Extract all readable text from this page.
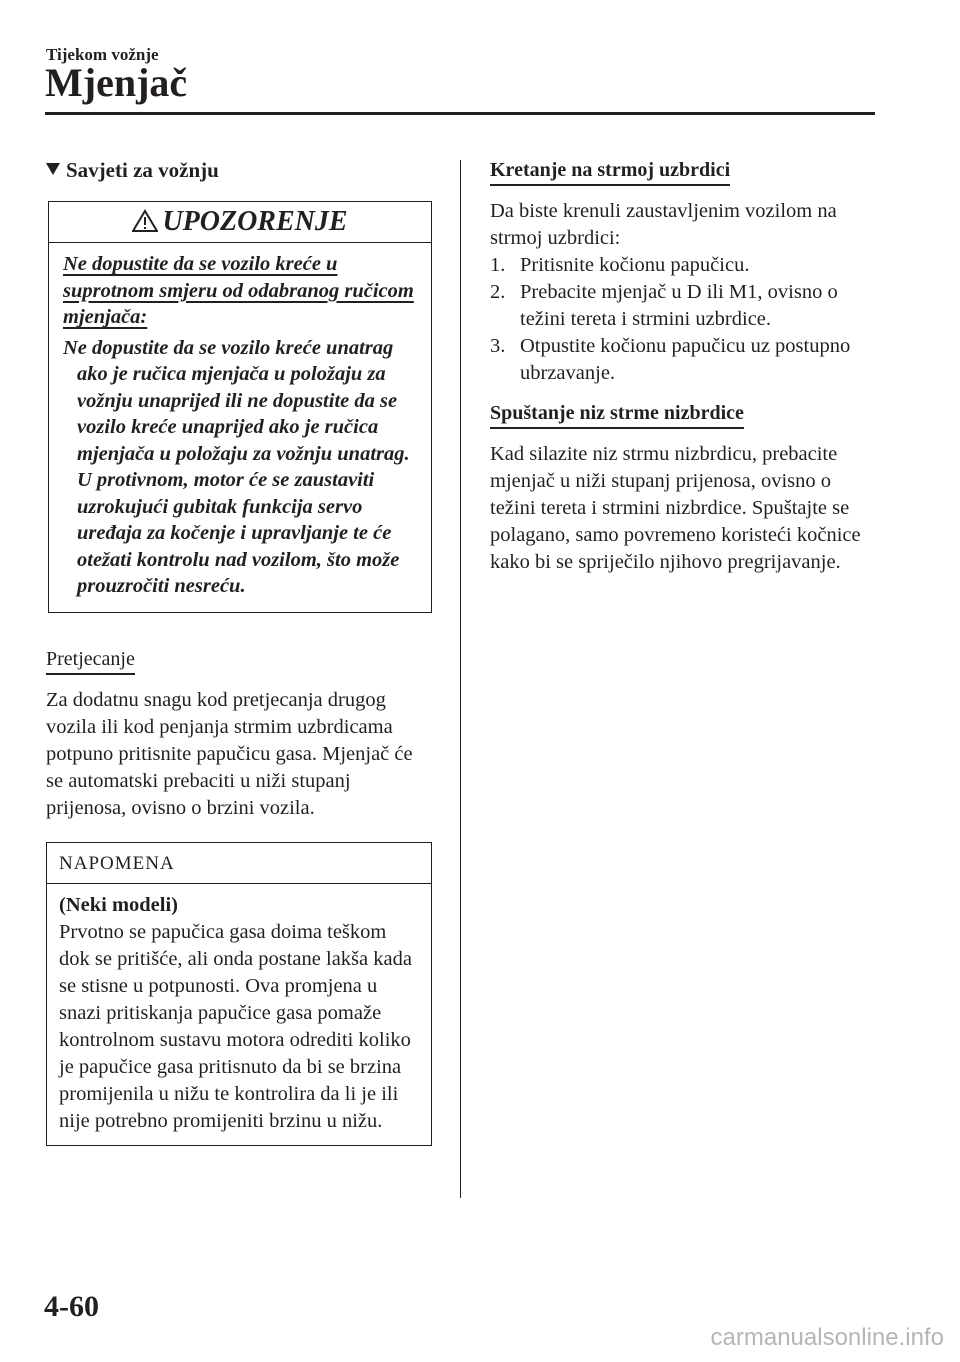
Tijekom vožnje
Mjenjač
Savjeti za vožnju
UPOZORENJE
Ne dopustite da se vozilo kreće u suprotnom smjeru od odabranog ručicom mjenjača:
Ne dopustite da se vozilo kreće unatrag ako je ručica mjenjača u položaju za vožnju unaprijed ili ne dopustite da se vozilo kreće unaprijed ako je ručica mjenjača u položaju za vožnju unatrag. U protivnom, motor će se zaustaviti uzrokujući gubitak funkcija servo uređaja za kočenje i upravljanje te će otežati kontrolu nad vozilom, što može prouzročiti nesreću.
Pretjecanje
Za dodatnu snagu kod pretjecanja drugog vozila ili kod penjanja strmim uzbrdicama potpuno pritisnite papučicu gasa. Mjenjač će se automatski prebaciti u niži stupanj prijenosa, ovisno o brzini vozila.
NAPOMENA
(Neki modeli)
Prvotno se papučica gasa doima teškom dok se pritišće, ali onda postane lakša kada se stisne u potpunosti. Ova promjena u snazi pritiskanja papučice gasa pomaže kontrolnom sustavu motora odrediti koliko je papučice gasa pritisnuto da bi se brzina promijenila u nižu te kontrolira da li je ili nije potrebno promijeniti brzinu u nižu.
Kretanje na strmoj uzbrdici
Da biste krenuli zaustavljenim vozilom na strmoj uzbrdici:
1. Pritisnite kočionu papučicu.
2. Prebacite mjenjač u D ili M1, ovisno o težini tereta i strmini uzbrdice.
3. Otpustite kočionu papučicu uz postupno ubrzavanje.
Spuštanje niz strme nizbrdice
Kad silazite niz strmu nizbrdicu, prebacite mjenjač u niži stupanj prijenosa, ovisno o težini tereta i strmini nizbrdice. Spuštajte se polagano, samo povremeno koristeći kočnice kako bi se spriječilo njihovo pregrijavanje.
4-60
carmanualsonline.info
